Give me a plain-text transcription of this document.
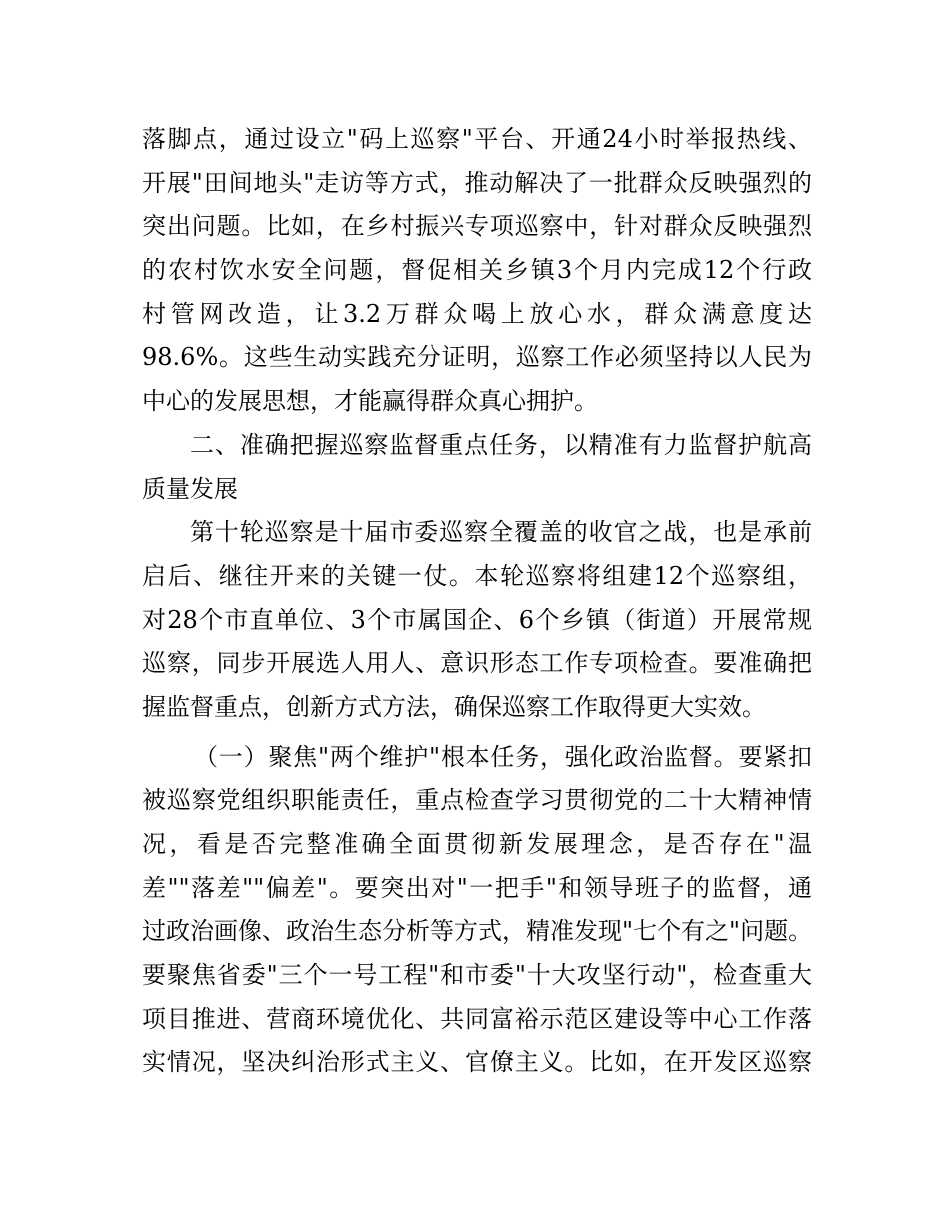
落脚点，通过设立"码上巡察"平台、开通24小时举报热线、
开展"田间地头"走访等方式，推动解决了一批群众反映强烈的
突出问题。比如，在乡村振兴专项巡察中，针对群众反映强烈
的农村饮水安全问题，督促相关乡镇3个月内完成12个行政
村管网改造，让3.2万群众喝上放心水，群众满意度达
98.6%。这些生动实践充分证明，巡察工作必须坚持以人民为
中心的发展思想，才能赢得群众真心拥护。
二、准确把握巡察监督重点任务，以精准有力监督护航高
质量发展
第十轮巡察是十届市委巡察全覆盖的收官之战，也是承前
启后、继往开来的关键一仗。本轮巡察将组建12个巡察组，
对28个市直单位、3个市属国企、6个乡镇（街道）开展常规
巡察，同步开展选人用人、意识形态工作专项检查。要准确把
握监督重点，创新方式方法，确保巡察工作取得更大实效。
（一）聚焦"两个维护"根本任务，强化政治监督。要紧扣
被巡察党组织职能责任，重点检查学习贯彻党的二十大精神情
况，看是否完整准确全面贯彻新发展理念，是否存在"温
差""落差""偏差"。要突出对"一把手"和领导班子的监督，通
过政治画像、政治生态分析等方式，精准发现"七个有之"问题。
要聚焦省委"三个一号工程"和市委"十大攻坚行动"，检查重大
项目推进、营商环境优化、共同富裕示范区建设等中心工作落
实情况，坚决纠治形式主义、官僚主义。比如，在开发区巡察
